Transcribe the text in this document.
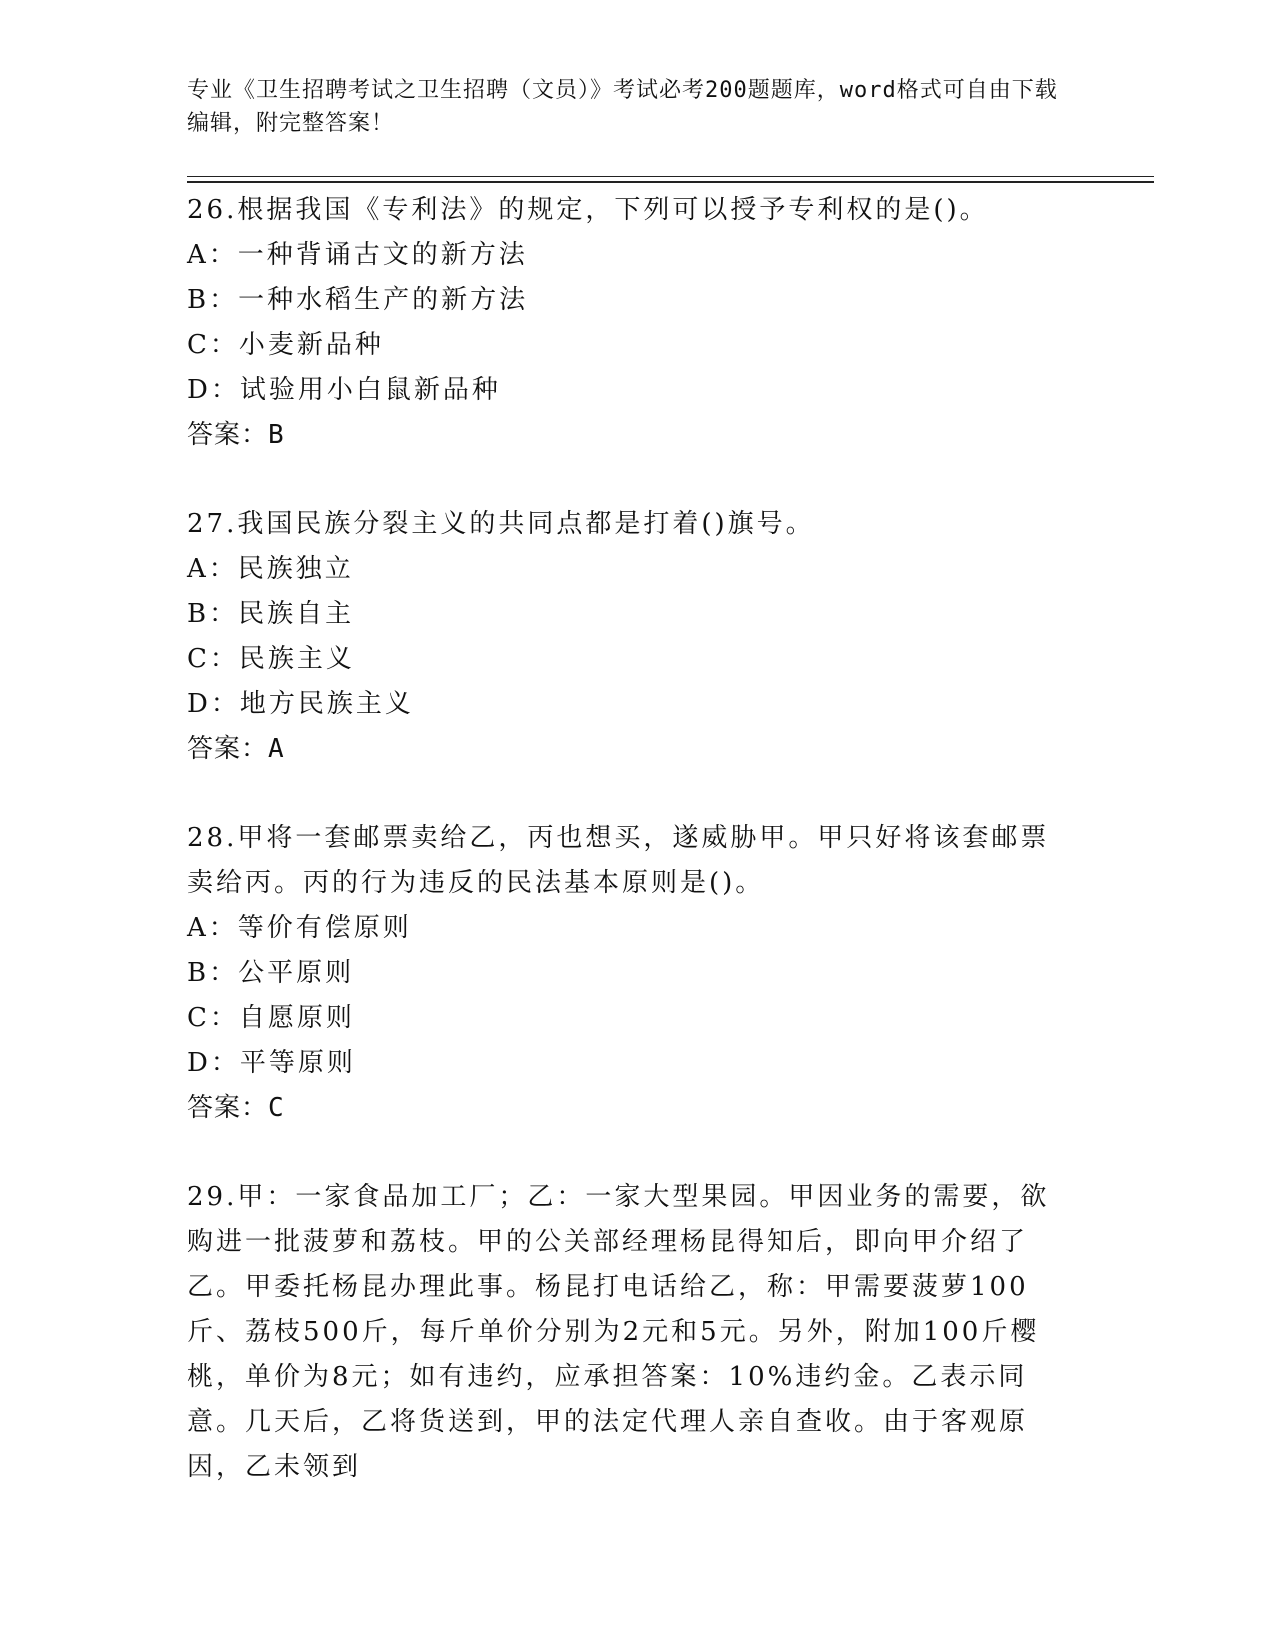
专业《卫生招聘考试之卫生招聘（文员）》考试必考200题题库，word格式可自由下载编辑，附完整答案！

26.根据我国《专利法》的规定，下列可以授予专利权的是()。

A：一种背诵古文的新方法

B：一种水稻生产的新方法

C：小麦新品种

D：试验用小白鼠新品种

答案：B

27.我国民族分裂主义的共同点都是打着()旗号。

A：民族独立

B：民族自主

C：民族主义

D：地方民族主义

答案：A

28.甲将一套邮票卖给乙，丙也想买，遂威胁甲。甲只好将该套邮票卖给丙。丙的行为违反的民法基本原则是()。

A：等价有偿原则

B：公平原则

C：自愿原则

D：平等原则

答案：C

29.甲：一家食品加工厂；乙：一家大型果园。甲因业务的需要，欲购进一批菠萝和荔枝。甲的公关部经理杨昆得知后，即向甲介绍了乙。甲委托杨昆办理此事。杨昆打电话给乙，称：甲需要菠萝100斤、荔枝500斤，每斤单价分别为2元和5元。另外，附加100斤樱桃，单价为8元；如有违约，应承担答案：10%违约金。乙表示同意。几天后，乙将货送到，甲的法定代理人亲自查收。由于客观原因，乙未领到
